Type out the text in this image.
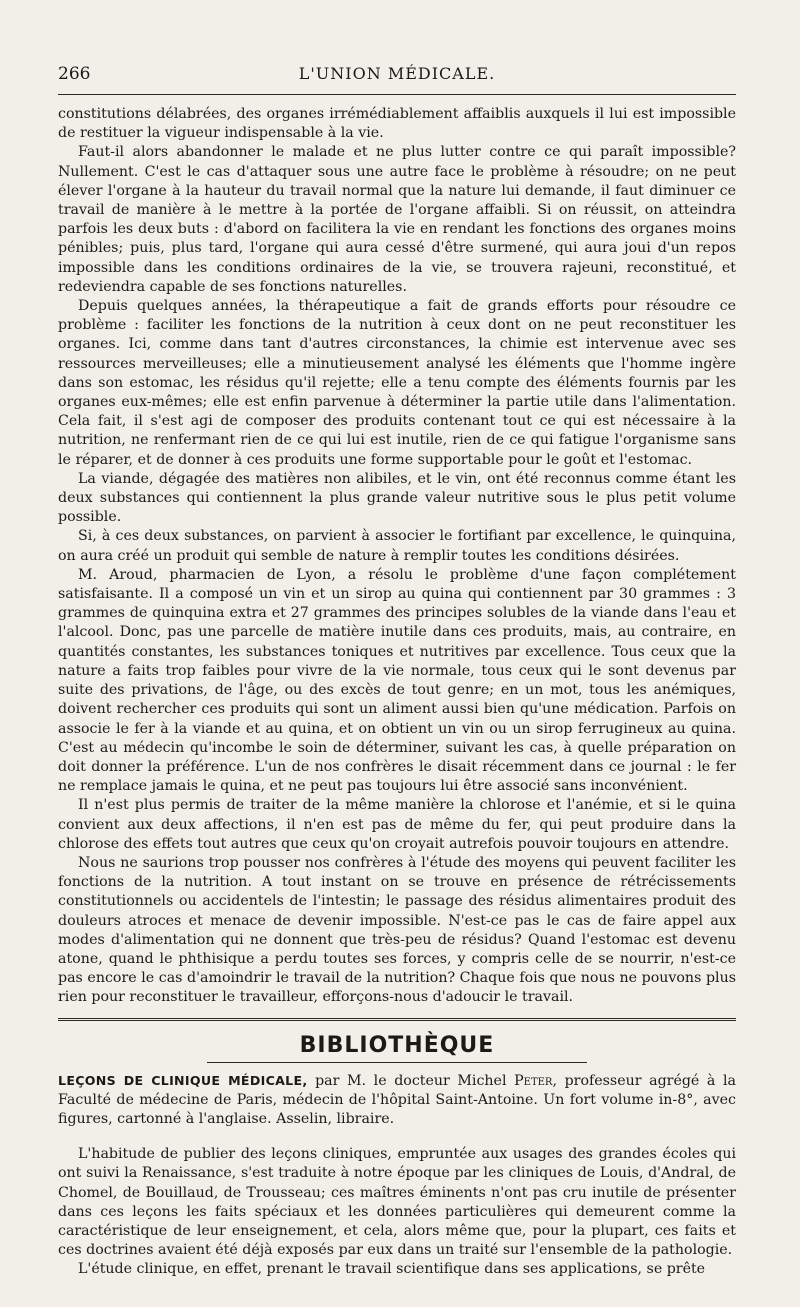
266	L'UNION MÉDICALE.

constitutions délabrées, des organes irrémédiablement affaiblis auxquels il lui est impossible de restituer la vigueur indispensable à la vie.

Faut-il alors abandonner le malade et ne plus lutter contre ce qui paraît impossible? Nullement. C'est le cas d'attaquer sous une autre face le problème à résoudre; on ne peut élever l'organe à la hauteur du travail normal que la nature lui demande, il faut diminuer ce travail de manière à le mettre à la portée de l'organe affaibli. Si on réussit, on atteindra parfois les deux buts : d'abord on facilitera la vie en rendant les fonctions des organes moins pénibles; puis, plus tard, l'organe qui aura cessé d'être surmené, qui aura joui d'un repos impossible dans les conditions ordinaires de la vie, se trouvera rajeuni, reconstitué, et redeviendra capable de ses fonctions naturelles.

Depuis quelques années, la thérapeutique a fait de grands efforts pour résoudre ce problème : faciliter les fonctions de la nutrition à ceux dont on ne peut reconstituer les organes. Ici, comme dans tant d'autres circonstances, la chimie est intervenue avec ses ressources merveilleuses; elle a minutieusement analysé les éléments que l'homme ingère dans son estomac, les résidus qu'il rejette; elle a tenu compte des éléments fournis par les organes eux-mêmes; elle est enfin parvenue à déterminer la partie utile dans l'alimentation. Cela fait, il s'est agi de composer des produits contenant tout ce qui est nécessaire à la nutrition, ne renfermant rien de ce qui lui est inutile, rien de ce qui fatigue l'organisme sans le réparer, et de donner à ces produits une forme supportable pour le goût et l'estomac.

La viande, dégagée des matières non alibiles, et le vin, ont été reconnus comme étant les deux substances qui contiennent la plus grande valeur nutritive sous le plus petit volume possible.

Si, à ces deux substances, on parvient à associer le fortifiant par excellence, le quinquina, on aura créé un produit qui semble de nature à remplir toutes les conditions désirées.

M. Aroud, pharmacien de Lyon, a résolu le problème d'une façon complétement satisfaisante. Il a composé un vin et un sirop au quina qui contiennent par 30 grammes : 3 grammes de quinquina extra et 27 grammes des principes solubles de la viande dans l'eau et l'alcool. Donc, pas une parcelle de matière inutile dans ces produits, mais, au contraire, en quantités constantes, les substances toniques et nutritives par excellence. Tous ceux que la nature a faits trop faibles pour vivre de la vie normale, tous ceux qui le sont devenus par suite des privations, de l'âge, ou des excès de tout genre; en un mot, tous les anémiques, doivent rechercher ces produits qui sont un aliment aussi bien qu'une médication. Parfois on associe le fer à la viande et au quina, et on obtient un vin ou un sirop ferrugineux au quina. C'est au médecin qu'incombe le soin de déterminer, suivant les cas, à quelle préparation on doit donner la préférence. L'un de nos confrères le disait récemment dans ce journal : le fer ne remplace jamais le quina, et ne peut pas toujours lui être associé sans inconvénient.

Il n'est plus permis de traiter de la même manière la chlorose et l'anémie, et si le quina convient aux deux affections, il n'en est pas de même du fer, qui peut produire dans la chlorose des effets tout autres que ceux qu'on croyait autrefois pouvoir toujours en attendre.

Nous ne saurions trop pousser nos confrères à l'étude des moyens qui peuvent faciliter les fonctions de la nutrition. A tout instant on se trouve en présence de rétrécissements constitutionnels ou accidentels de l'intestin; le passage des résidus alimentaires produit des douleurs atroces et menace de devenir impossible. N'est-ce pas le cas de faire appel aux modes d'alimentation qui ne donnent que très-peu de résidus? Quand l'estomac est devenu atone, quand le phthisique a perdu toutes ses forces, y compris celle de se nourrir, n'est-ce pas encore le cas d'amoindrir le travail de la nutrition? Chaque fois que nous ne pouvons plus rien pour reconstituer le travailleur, efforçons-nous d'adoucir le travail.

BIBLIOTHÈQUE

LEÇONS DE CLINIQUE MÉDICALE, par M. le docteur Michel Peter, professeur agrégé à la Faculté de médecine de Paris, médecin de l'hôpital Saint-Antoine. Un fort volume in-8°, avec figures, cartonné à l'anglaise. Asselin, libraire.

L'habitude de publier des leçons cliniques, empruntée aux usages des grandes écoles qui ont suivi la Renaissance, s'est traduite à notre époque par les cliniques de Louis, d'Andral, de Chomel, de Bouillaud, de Trousseau; ces maîtres éminents n'ont pas cru inutile de présenter dans ces leçons les faits spéciaux et les données particulières qui demeurent comme la caractéristique de leur enseignement, et cela, alors même que, pour la plupart, ces faits et ces doctrines avaient été déjà exposés par eux dans un traité sur l'ensemble de la pathologie.

L'étude clinique, en effet, prenant le travail scientifique dans ses applications, se prête
